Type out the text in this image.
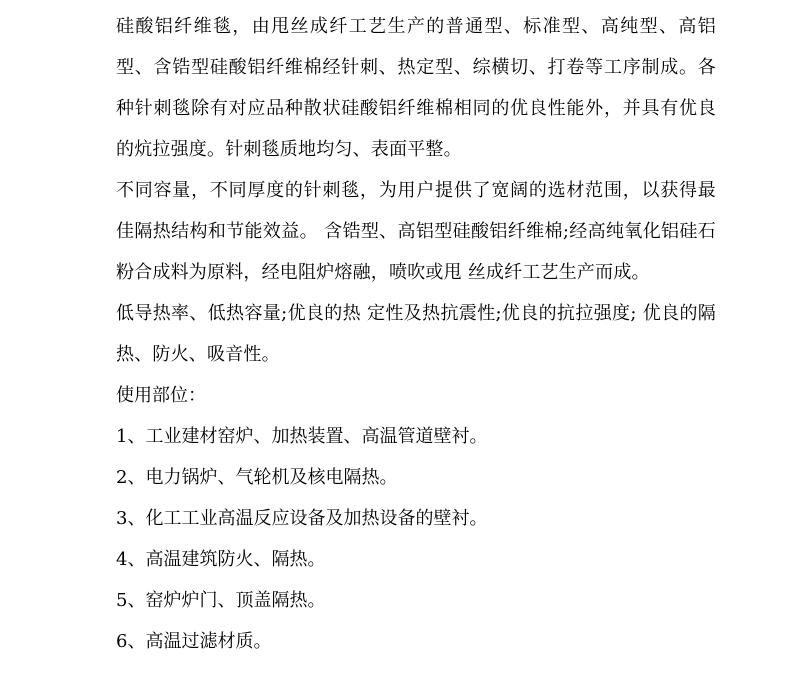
硅酸铝纤维毯，由甩丝成纤工艺生产的普通型、标准型、高纯型、高铝型、含锆型硅酸铝纤维棉经针刺、热定型、综横切、打卷等工序制成。各种针刺毯除有对应品种散状硅酸铝纤维棉相同的优良性能外，并具有优良的炕拉强度。针刺毯质地均匀、表面平整。

不同容量，不同厚度的针刺毯，为用户提供了宽阔的选材范围，以获得最佳隔热结构和节能效益。 含锆型、高铝型硅酸铝纤维棉;经高纯氧化铝硅石粉合成料为原料，经电阻炉熔融，喷吹或甩 丝成纤工艺生产而成。

低导热率、低热容量;优良的热 定性及热抗震性;优良的抗拉强度; 优良的隔热、防火、吸音性。

使用部位：

1、工业建材窑炉、加热装置、高温管道壁衬。

2、电力锅炉、气轮机及核电隔热。

3、化工工业高温反应设备及加热设备的壁衬。

4、高温建筑防火、隔热。

5、窑炉炉门、顶盖隔热。

6、高温过滤材质。
